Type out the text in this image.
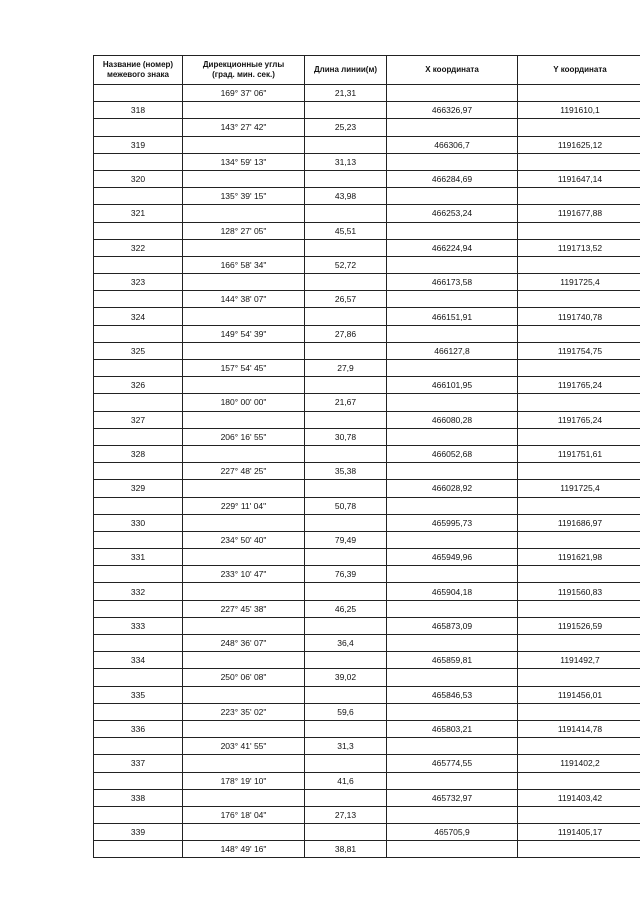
Название (номер)
межевого знака	Дирекционные углы
(град. мин. сек.)	Длина линии(м)	X координата	Y координата
	169° 37' 06"	21,31		
318			466326,97	1191610,1
	143° 27' 42"	25,23		
319			466306,7	1191625,12
	134° 59' 13"	31,13		
320			466284,69	1191647,14
	135° 39' 15"	43,98		
321			466253,24	1191677,88
	128° 27' 05"	45,51		
322			466224,94	1191713,52
	166° 58' 34"	52,72		
323			466173,58	1191725,4
	144° 38' 07"	26,57		
324			466151,91	1191740,78
	149° 54' 39"	27,86		
325			466127,8	1191754,75
	157° 54' 45"	27,9		
326			466101,95	1191765,24
	180° 00' 00"	21,67		
327			466080,28	1191765,24
	206° 16' 55"	30,78		
328			466052,68	1191751,61
	227° 48' 25"	35,38		
329			466028,92	1191725,4
	229° 11' 04"	50,78		
330			465995,73	1191686,97
	234° 50' 40"	79,49		
331			465949,96	1191621,98
	233° 10' 47"	76,39		
332			465904,18	1191560,83
	227° 45' 38"	46,25		
333			465873,09	1191526,59
	248° 36' 07"	36,4		
334			465859,81	1191492,7
	250° 06' 08"	39,02		
335			465846,53	1191456,01
	223° 35' 02"	59,6		
336			465803,21	1191414,78
	203° 41' 55"	31,3		
337			465774,55	1191402,2
	178° 19' 10"	41,6		
338			465732,97	1191403,42
	176° 18' 04"	27,13		
339			465705,9	1191405,17
	148° 49' 16"	38,81		
